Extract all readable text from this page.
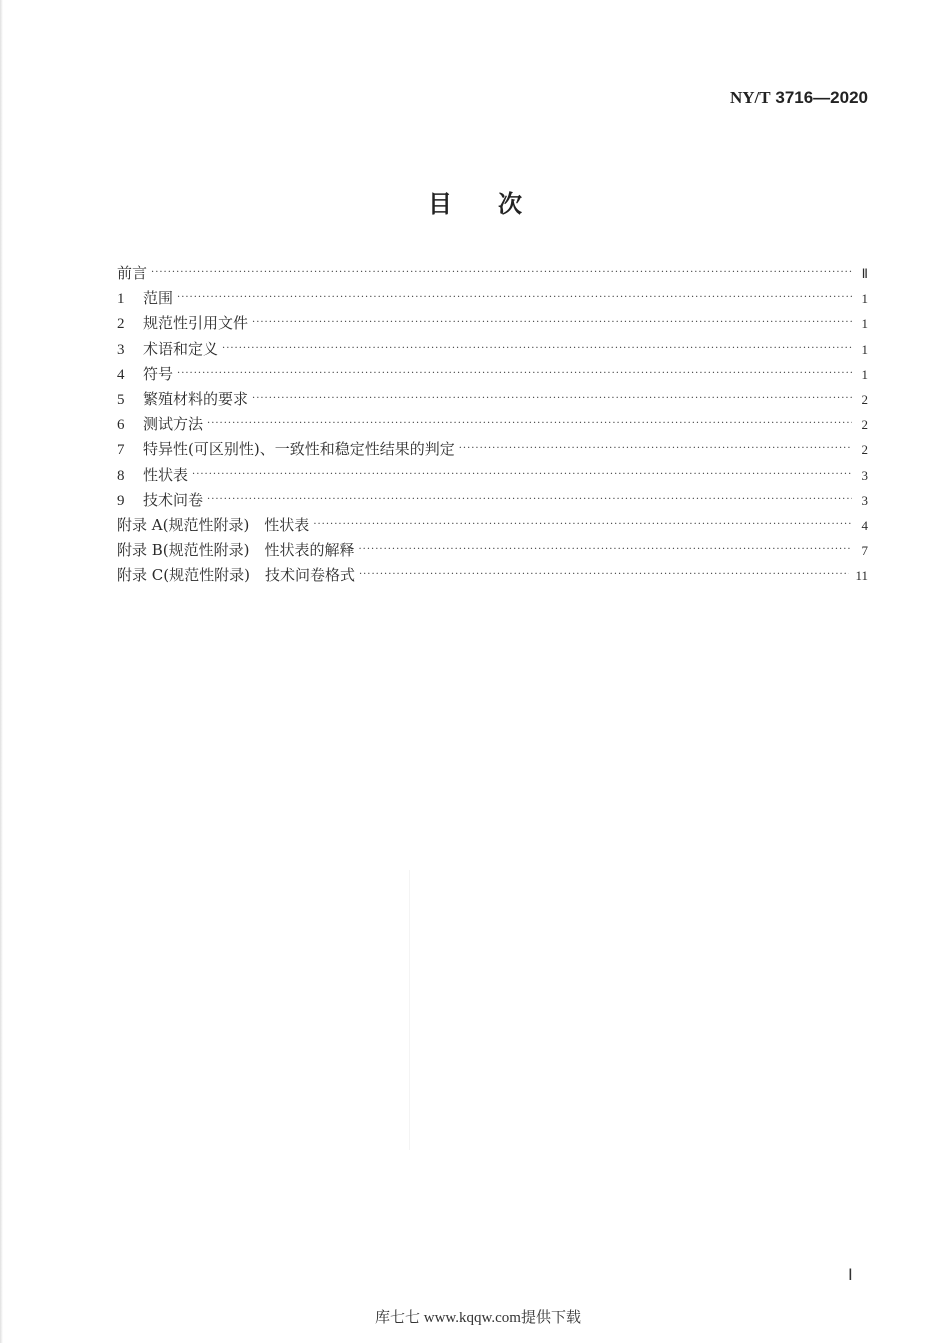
NY/T 3716—2020
目次
前言 ·····	Ⅱ
1	范围 ·····	1
2	规范性引用文件 ·····	1
3	术语和定义 ·····	1
4	符号 ·····	1
5	繁殖材料的要求 ·····	2
6	测试方法 ·····	2
7	特异性(可区别性)、一致性和稳定性结果的判定 ·····	2
8	性状表 ·····	3
9	技术问卷 ·····	3
附录 A(规范性附录)　性状表 ·····	4
附录 B(规范性附录)　性状表的解释 ·····	7
附录 C(规范性附录)　技术问卷格式 ·····	11
Ⅰ
库七七 www.kqqw.com提供下载
